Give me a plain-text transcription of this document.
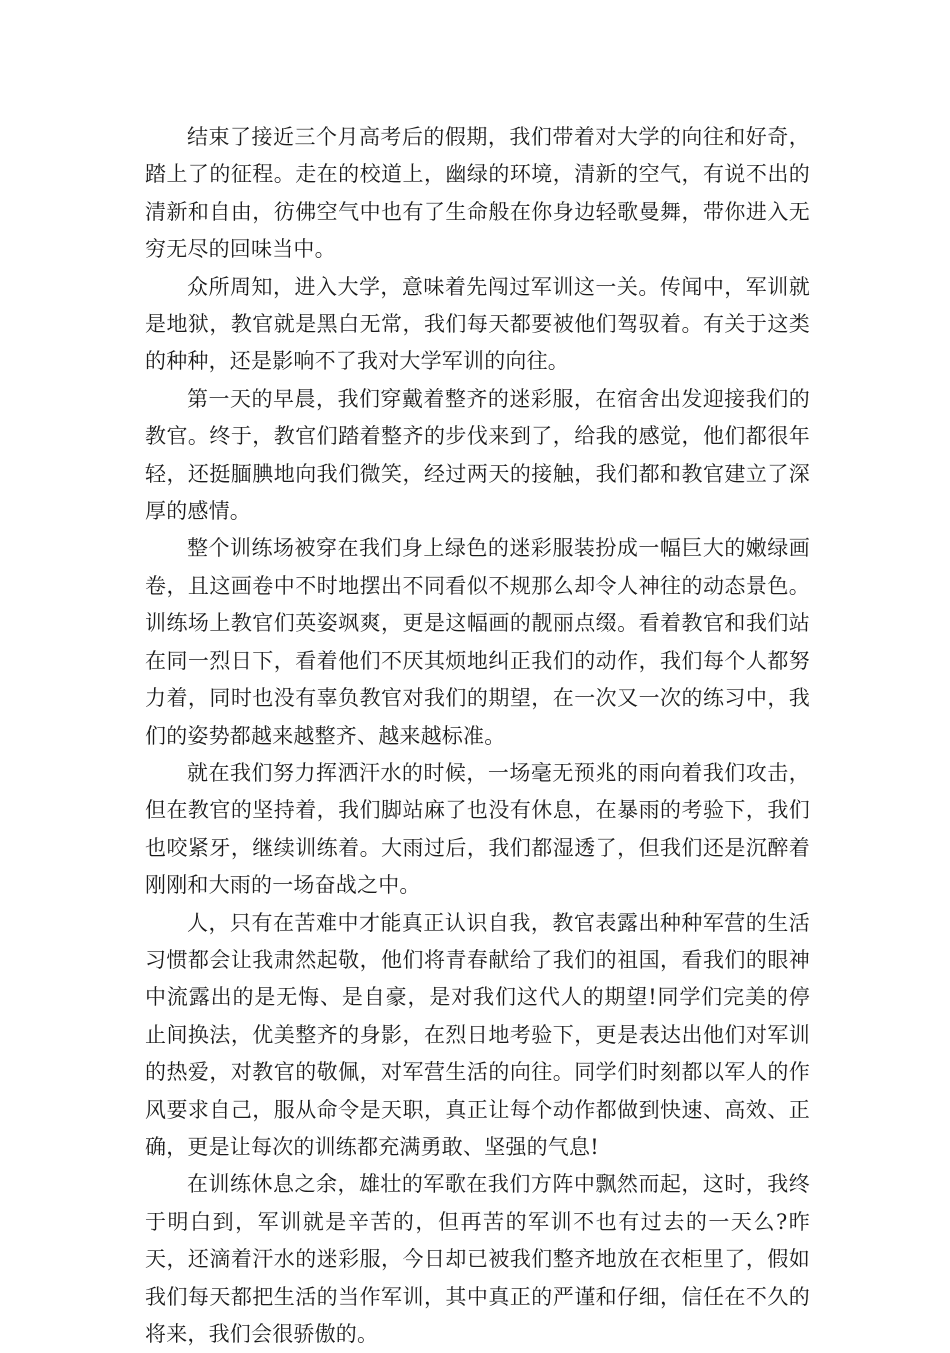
结束了接近三个月高考后的假期，我们带着对大学的向往和好奇，踏上了的征程。走在的校道上，幽绿的环境，清新的空气，有说不出的清新和自由，彷佛空气中也有了生命般在你身边轻歌曼舞，带你进入无穷无尽的回味当中。

众所周知，进入大学，意味着先闯过军训这一关。传闻中，军训就是地狱，教官就是黑白无常，我们每天都要被他们驾驭着。有关于这类的种种，还是影响不了我对大学军训的向往。

第一天的早晨，我们穿戴着整齐的迷彩服，在宿舍出发迎接我们的教官。终于，教官们踏着整齐的步伐来到了，给我的感觉，他们都很年轻，还挺腼腆地向我们微笑，经过两天的接触，我们都和教官建立了深厚的感情。

整个训练场被穿在我们身上绿色的迷彩服装扮成一幅巨大的嫩绿画卷，且这画卷中不时地摆出不同看似不规那么却令人神往的动态景色。训练场上教官们英姿飒爽，更是这幅画的靓丽点缀。看着教官和我们站在同一烈日下，看着他们不厌其烦地纠正我们的动作，我们每个人都努力着，同时也没有辜负教官对我们的期望，在一次又一次的练习中，我们的姿势都越来越整齐、越来越标准。

就在我们努力挥洒汗水的时候，一场毫无预兆的雨向着我们攻击，但在教官的坚持着，我们脚站麻了也没有休息，在暴雨的考验下，我们也咬紧牙，继续训练着。大雨过后，我们都湿透了，但我们还是沉醉着刚刚和大雨的一场奋战之中。

人，只有在苦难中才能真正认识自我，教官表露出种种军营的生活习惯都会让我肃然起敬，他们将青春献给了我们的祖国，看我们的眼神中流露出的是无悔、是自豪，是对我们这代人的期望!同学们完美的停止间换法，优美整齐的身影，在烈日地考验下，更是表达出他们对军训的热爱，对教官的敬佩，对军营生活的向往。同学们时刻都以军人的作风要求自己，服从命令是天职，真正让每个动作都做到快速、高效、正确，更是让每次的训练都充满勇敢、坚强的气息!

在训练休息之余，雄壮的军歌在我们方阵中飘然而起，这时，我终于明白到，军训就是辛苦的，但再苦的军训不也有过去的一天么?昨天，还滴着汗水的迷彩服，今日却已被我们整齐地放在衣柜里了，假如我们每天都把生活的当作军训，其中真正的严谨和仔细，信任在不久的将来，我们会很骄傲的。
